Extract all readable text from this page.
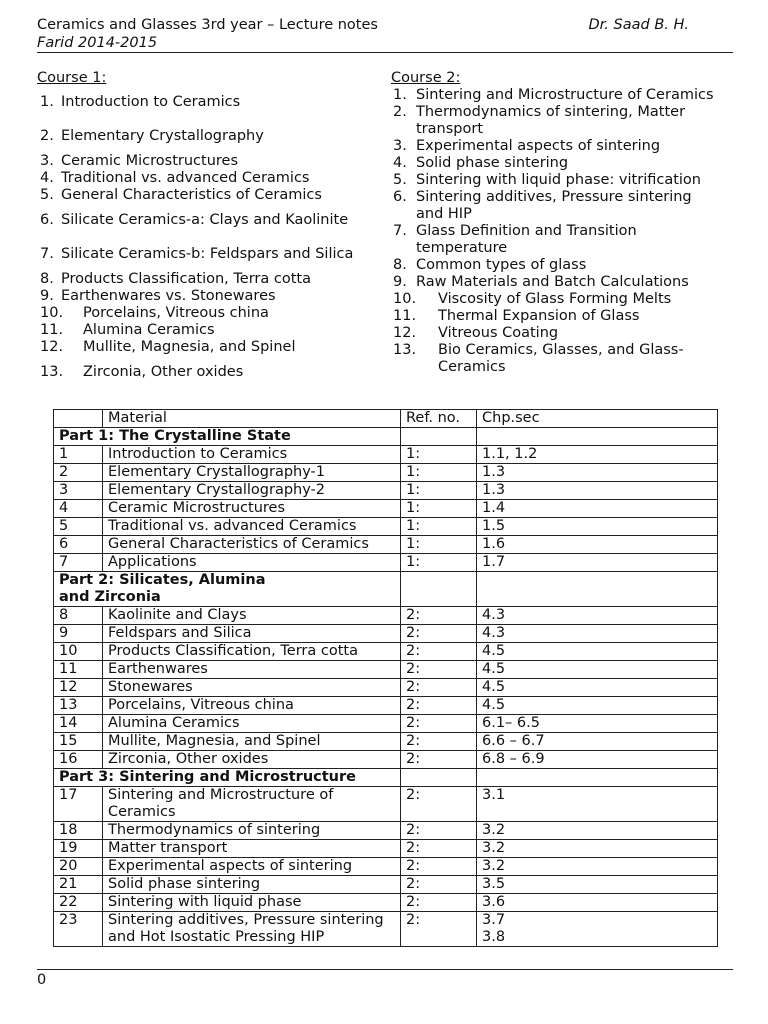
Ceramics and Glasses 3rd year – Lecture notes
Farid 2014-2015
Dr. Saad B. H.
Course 1:
1. Introduction to Ceramics
2. Elementary Crystallography
3. Ceramic Microstructures
4. Traditional vs. advanced Ceramics
5. General Characteristics of Ceramics
6. Silicate Ceramics-a: Clays and Kaolinite
7. Silicate Ceramics-b: Feldspars and Silica
8. Products Classification, Terra cotta
9. Earthenwares vs. Stonewares
10. Porcelains, Vitreous china
11. Alumina Ceramics
12. Mullite, Magnesia, and Spinel
13. Zirconia, Other oxides
Course 2:
1. Sintering and Microstructure of Ceramics
2. Thermodynamics of sintering, Matter transport
3. Experimental aspects of sintering
4. Solid phase sintering
5. Sintering with liquid phase: vitrification
6. Sintering additives, Pressure sintering and HIP
7. Glass Definition and Transition temperature
8. Common types of glass
9. Raw Materials and Batch Calculations
10. Viscosity of Glass Forming Melts
11. Thermal Expansion of Glass
12. Vitreous Coating
13. Bio Ceramics, Glasses, and Glass-Ceramics
	Material	Ref. no.	Chp.sec
Part 1: The Crystalline State			
1	Introduction to Ceramics	1:	1.1, 1.2
2	Elementary Crystallography-1	1:	1.3
3	Elementary Crystallography-2	1:	1.3
4	Ceramic Microstructures	1:	1.4
5	Traditional vs. advanced Ceramics	1:	1.5
6	General Characteristics of Ceramics	1:	1.6
7	Applications	1:	1.7

Part 2: Silicates, Alumina and Zirconia			

8	Kaolinite and Clays	2:	4.3
9	Feldspars and Silica	2:	4.3
10	Products Classification, Terra cotta	2:	4.5
11	Earthenwares	2:	4.5
12	Stonewares	2:	4.5
13	Porcelains, Vitreous china	2:	4.5
14	Alumina Ceramics	2:	6.1– 6.5
15	Mullite, Magnesia, and Spinel	2:	6.6 – 6.7
16	Zirconia, Other oxides	2:	6.8 – 6.9
Part 3: Sintering and Microstructure			
17	Sintering and Microstructure of Ceramics	2:	3.1
18	Thermodynamics of sintering	2:	3.2
19	Matter transport	2:	3.2
20	Experimental aspects of sintering	2:	3.2
21	Solid phase sintering	2:	3.5
22	Sintering with liquid phase	2:	3.6
23	Sintering additives, Pressure sintering and Hot Isostatic Pressing HIP	2:	3.7
3.8
0
